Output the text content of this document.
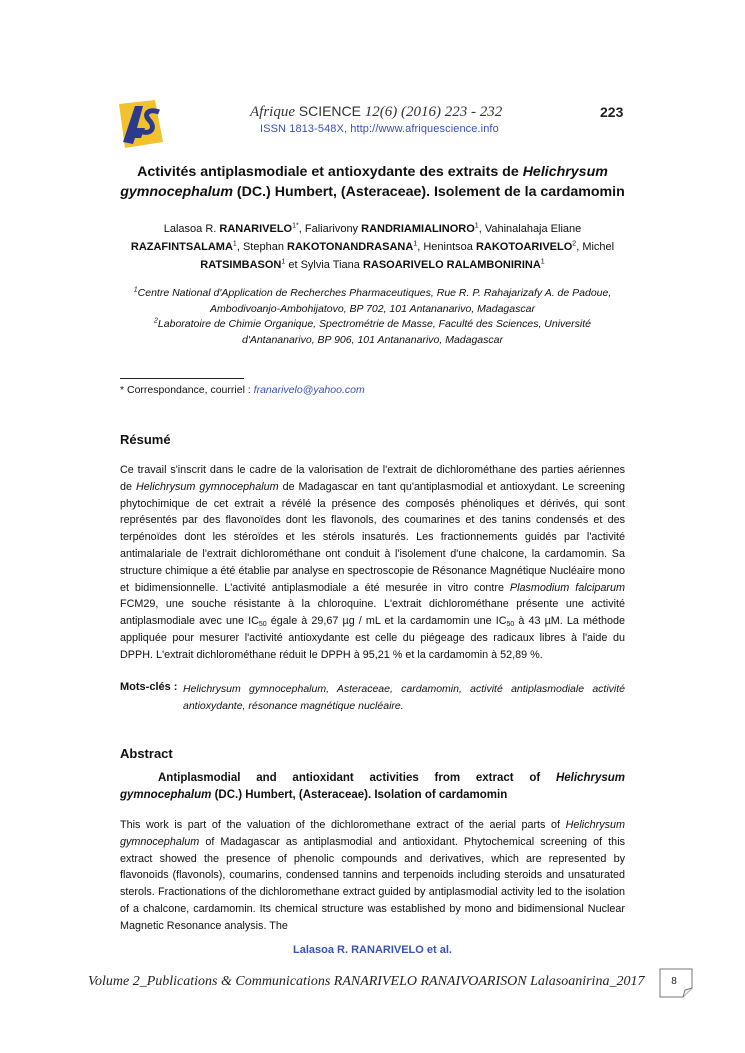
Afrique SCIENCE 12(6) (2016) 223 - 232	223
ISSN 1813-548X, http://www.afriquescience.info
Activités antiplasmodiale et antioxydante des extraits de Helichrysum gymnocephalum (DC.) Humbert, (Asteraceae). Isolement de la cardamomin
Lalasoa R. $RANARIVELO^{1*}$, Faliarivony RANDRIAMIALINORO$^1$, Vahinalahaja Eliane RAZAFINTSALAMA$^1$, Stephan RAKOTONANDRASANA$^1$, Henintsoa RAKOTOARIVELO$^2$, Michel RATSIMBASON$^1$ et Sylvia Tiana RASOARIVELO RALAMBONIRINA$^1$
$^1$Centre National d'Application de Recherches Pharmaceutiques, Rue R. P. Rahajarizafy A. de Padoue, Ambodivoanjo-Ambohijatovo, BP 702, 101 Antananarivo, Madagascar
$^2$Laboratoire de Chimie Organique, Spectrométrie de Masse, Faculté des Sciences, Université d'Antananarivo, BP 906, 101 Antananarivo, Madagascar
* Correspondance, courriel : franarivelo@yahoo.com
Résumé
Ce travail s'inscrit dans le cadre de la valorisation de l'extrait de dichlorométhane des parties aériennes de Helichrysum gymnocephalum de Madagascar en tant qu'antiplasmodial et antioxydant. Le screening phytochimique de cet extrait a révélé la présence des composés phénoliques et dérivés, qui sont représentés par des flavonoïdes dont les flavonols, des coumarines et des tanins condensés et des terpénoïdes dont les stéroïdes et les stérols insaturés. Les fractionnements guidés par l'activité antimalariale de l'extrait dichlorométhane ont conduit à l'isolement d'une chalcone, la cardamomin. Sa structure chimique a été établie par analyse en spectroscopie de Résonance Magnétique Nucléaire mono et bidimensionnelle. L'activité antiplasmodiale a été mesurée in vitro contre Plasmodium falciparum FCM29, une souche résistante à la chloroquine. L'extrait dichlorométhane présente une activité antiplasmodiale avec une $IC_{50}$ égale à 29,67 µg / mL et la cardamomin une $IC_{50}$ à 43 µM. La méthode appliquée pour mesurer l'activité antioxydante est celle du piégeage des radicaux libres à l'aide du DPPH. L'extrait dichlorométhane réduit le DPPH à 95,21 % et la cardamomin à 52,89 %.
Mots-clés : Helichrysum gymnocephalum, Asteraceae, cardamomin, activité antiplasmodiale activité antioxydante, résonance magnétique nucléaire.
Abstract
Antiplasmodial and antioxidant activities from extract of Helichrysum gymnocephalum (DC.) Humbert, (Asteraceae). Isolation of cardamomin
This work is part of the valuation of the dichloromethane extract of the aerial parts of Helichrysum gymnocephalum of Madagascar as antiplasmodial and antioxidant. Phytochemical screening of this extract showed the presence of phenolic compounds and derivatives, which are represented by flavonoids (flavonols), coumarins, condensed tannins and terpenoids including steroids and unsaturated sterols. Fractionations of the dichloromethane extract guided by antiplasmodial activity led to the isolation of a chalcone, cardamomin. Its chemical structure was established by mono and bidimensional Nuclear Magnetic Resonance analysis. The
Lalasoa R. RANARIVELO et al.
Volume 2_Publications & Communications RANARIVELO RANAIVOARISON Lalasoanirina_2017	8
